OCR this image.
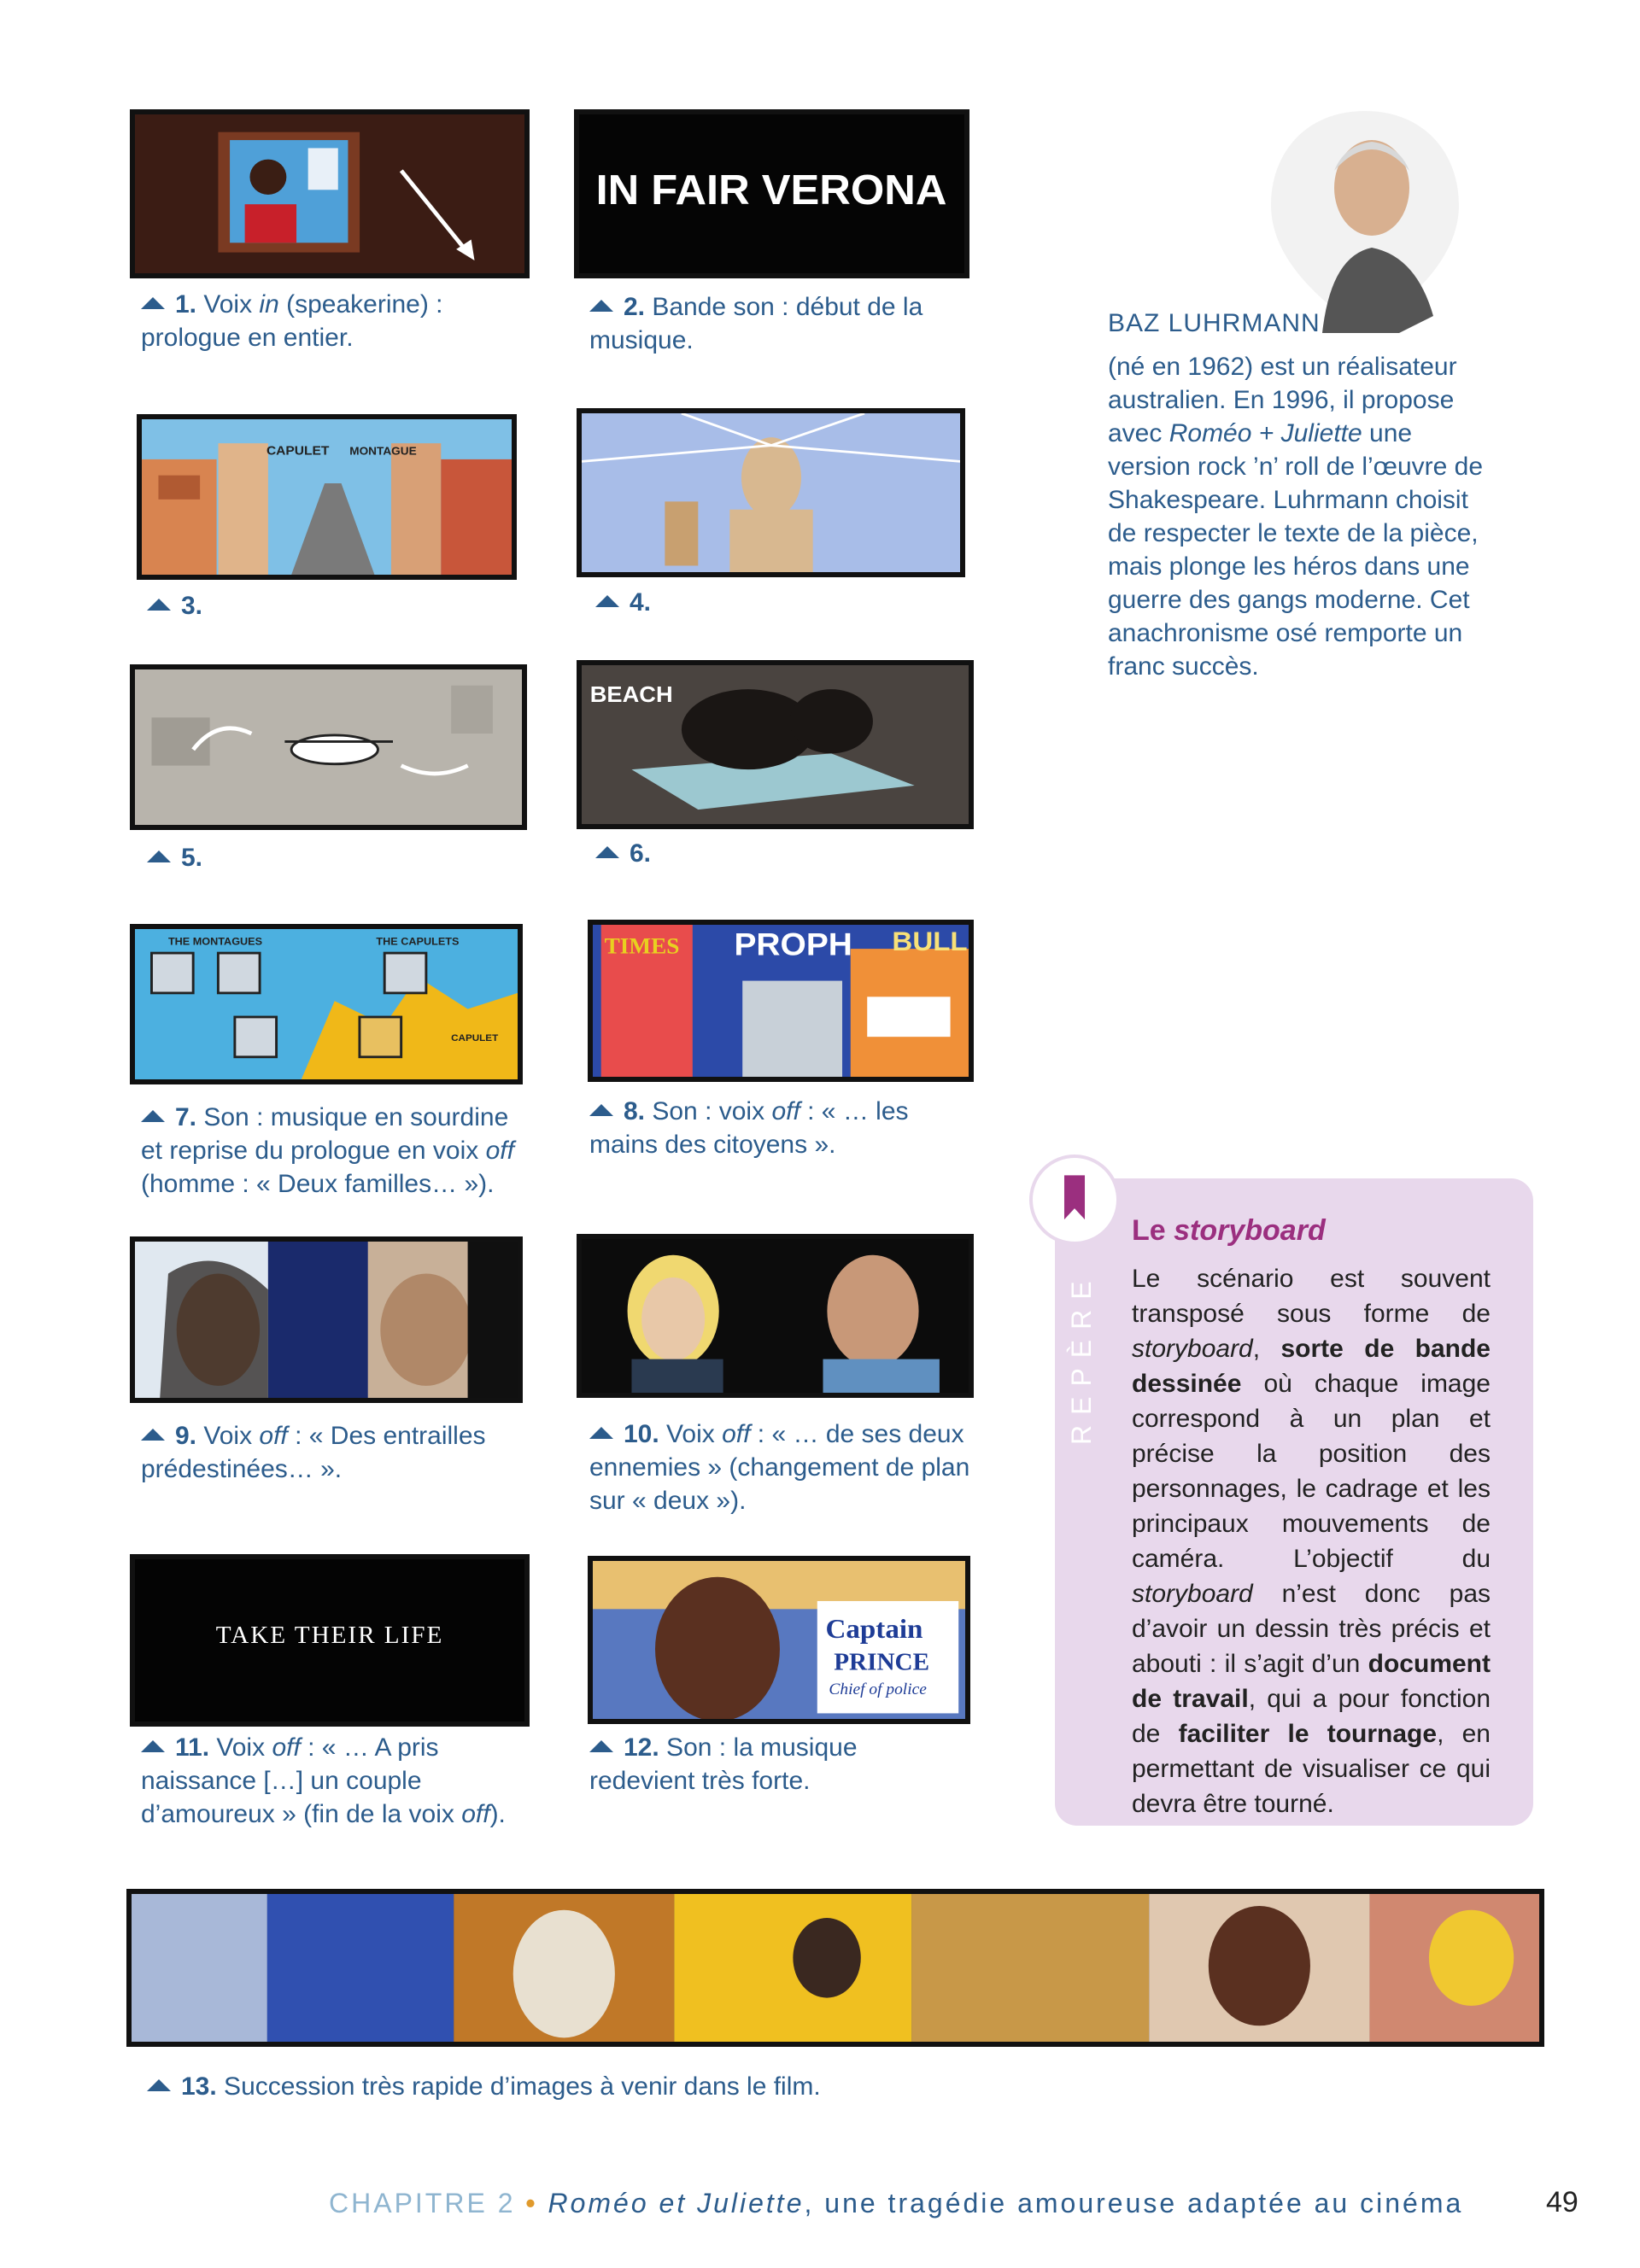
1. Voix in (speakerine) : prologue en entier.
IN FAIR VERONA
2. Bande son : début de la musique.
CAPULET MONTAGUE
3.	4.
5.
BEACH
6.
THE MONTAGUES	THE CAPULETS
CAPULET
7. Son : musique en sourdine et reprise du prologue en voix off (homme : « Deux familles… »).
TIMES PROPH BULL
8. Son : voix off : « … les mains des citoyens ».
9. Voix off : « Des entrailles prédestinées… ».
10. Voix off : « … de ses deux ennemies » (changement de plan sur « deux »).
TAKE THEIR LIFE
11. Voix off : « … A pris naissance […] un couple d’amoureux » (fin de la voix off).
Captain
PRINCE
Chief of police
12. Son : la musique redevient très forte.
13. Succession très rapide d’images à venir dans le film.
BAZ LUHRMANN
(né en 1962) est un réalisateur australien. En 1996, il propose avec Roméo + Juliette une version rock ’n’ roll de l’œuvre de Shakespeare. Luhrmann choisit de respecter le texte de la pièce, mais plonge les héros dans une guerre des gangs moderne. Cet anachronisme osé remporte un franc succès.
REPÈRE
Le storyboard
Le scénario est souvent transposé sous forme de storyboard, sorte de bande dessinée où chaque image correspond à un plan et précise la position des personnages, le cadrage et les principaux mouvements de caméra. L’objectif du storyboard n’est donc pas d’avoir un dessin très précis et abouti : il s’agit d’un document de travail, qui a pour fonction de faciliter le tournage, en permettant de visualiser ce qui devra être tourné.
CHAPITRE 2 • Roméo et Juliette, une tragédie amoureuse adaptée au cinéma	49
